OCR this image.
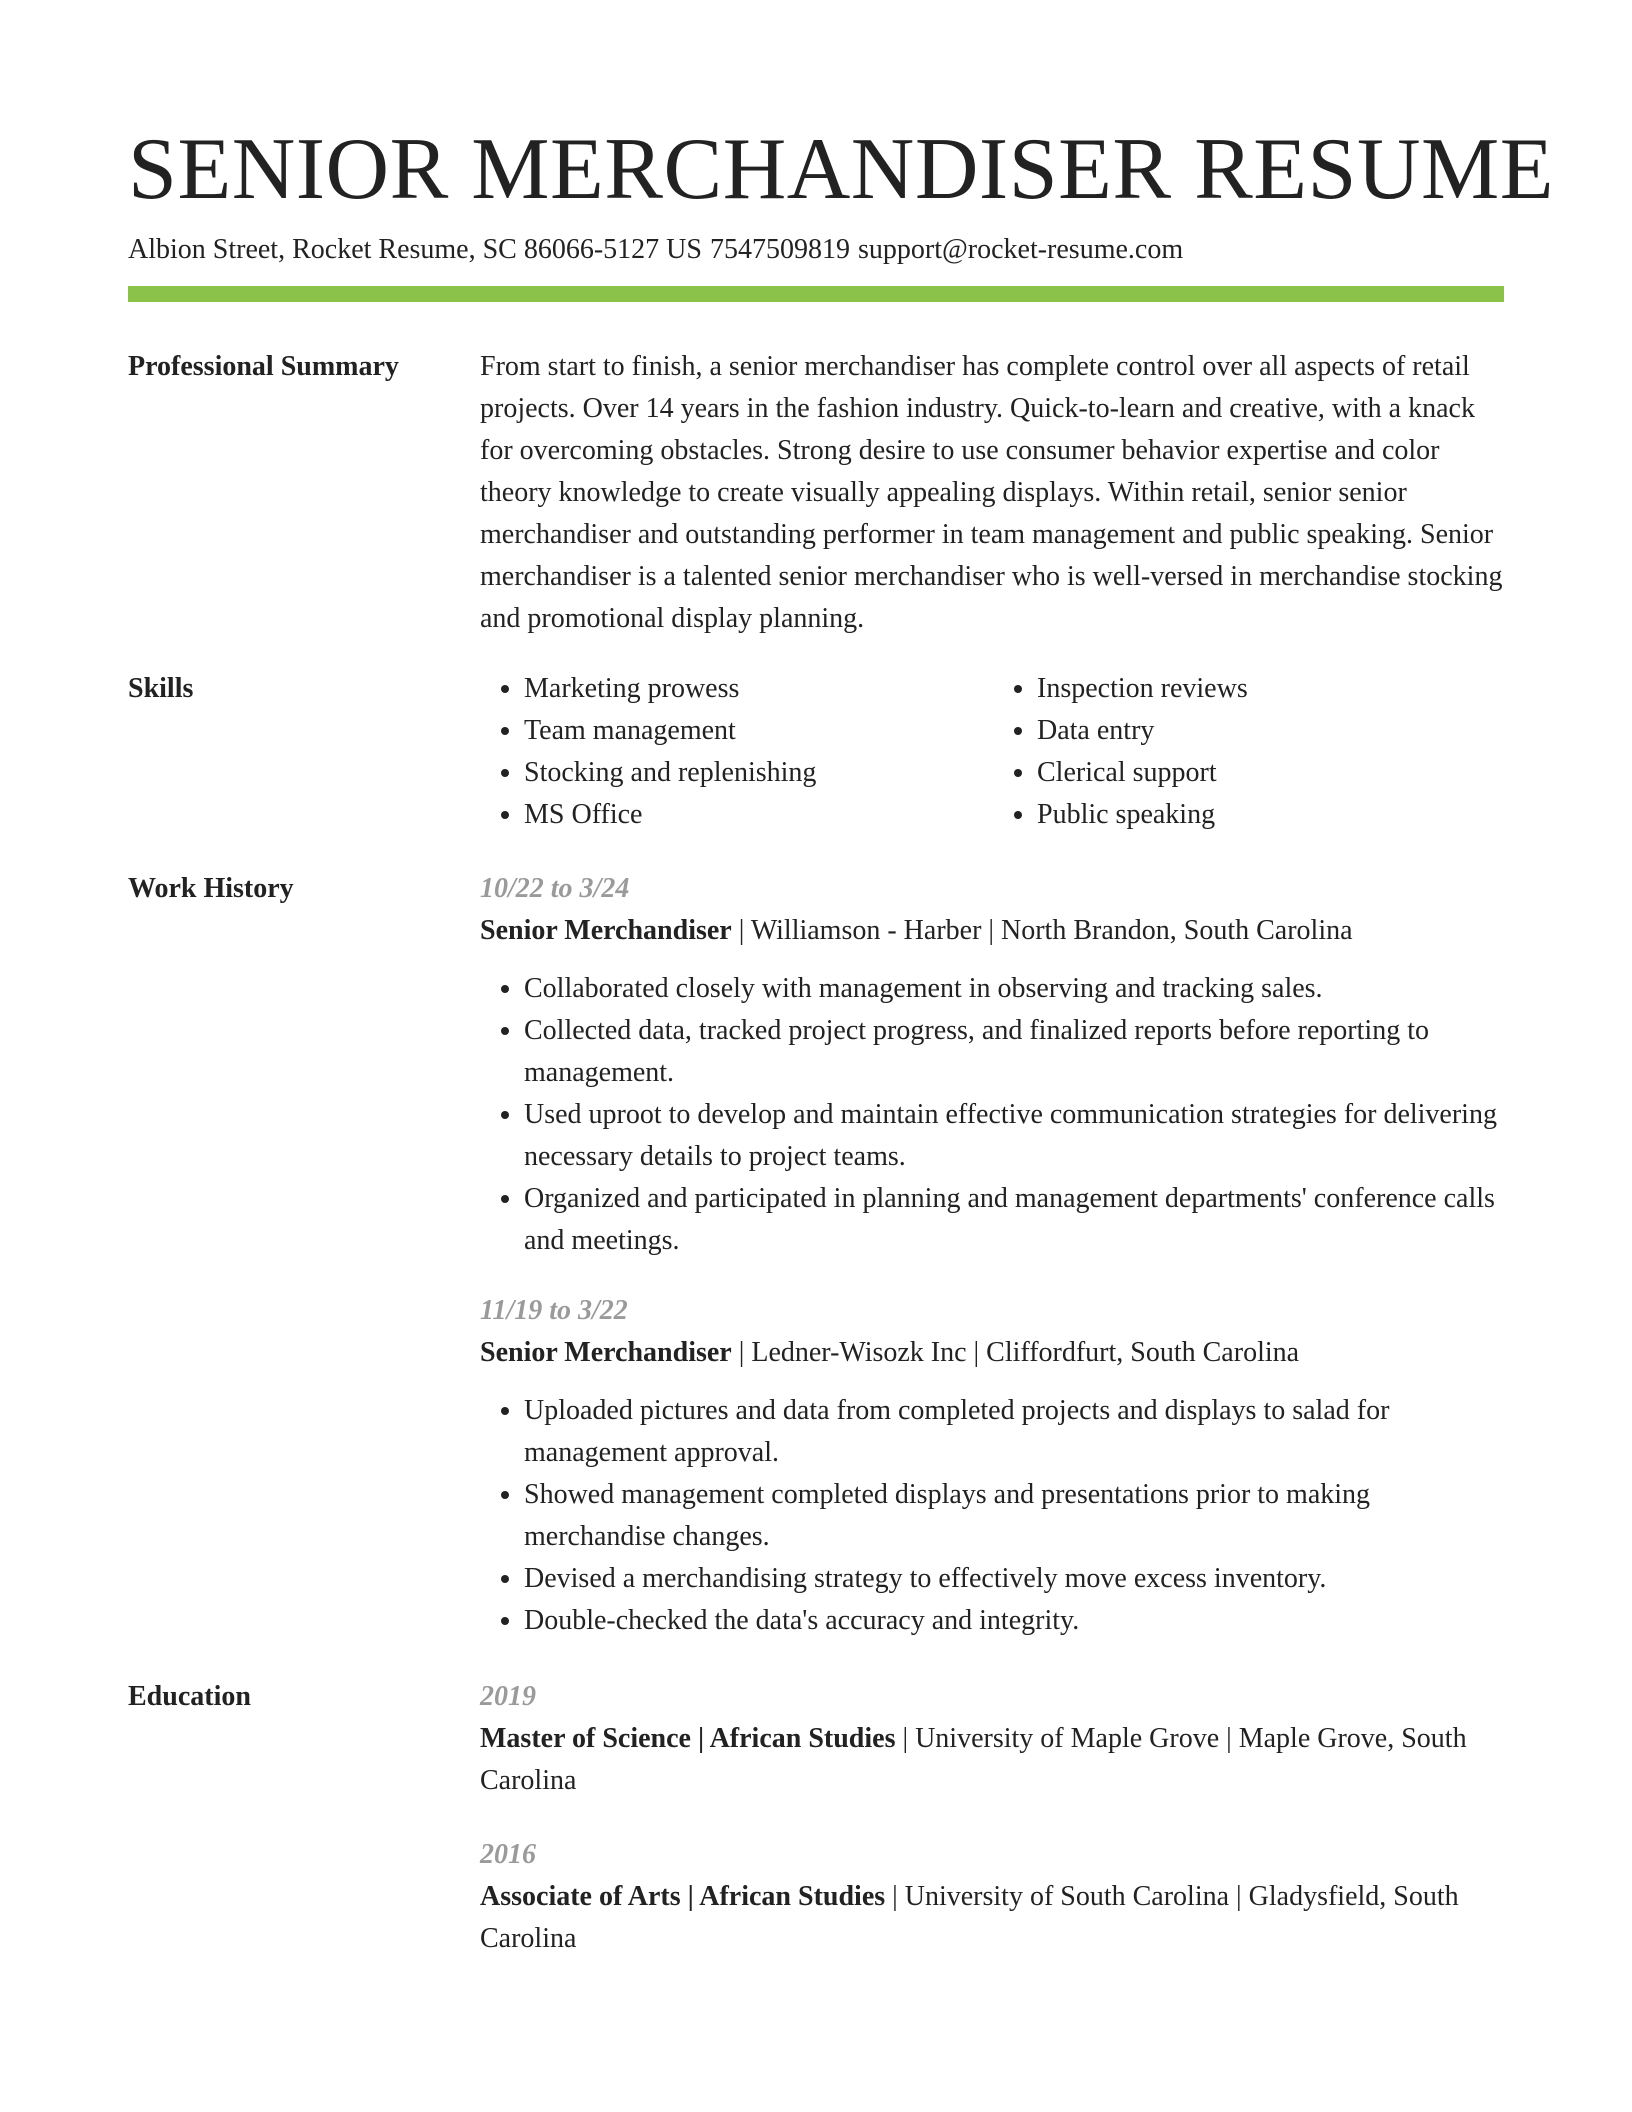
SENIOR MERCHANDISER RESUME
Albion Street, Rocket Resume, SC 86066-5127 US 7547509819 support@rocket-resume.com
Professional Summary	From start to finish, a senior merchandiser has complete control over all aspects of retail projects. Over 14 years in the fashion industry. Quick-to-learn and creative, with a knack for overcoming obstacles. Strong desire to use consumer behavior expertise and color theory knowledge to create visually appealing displays. Within retail, senior senior merchandiser and outstanding performer in team management and public speaking. Senior merchandiser is a talented senior merchandiser who is well-versed in merchandise stocking and promotional display planning.

Skills
•	Marketing prowess
• Team management
• Stocking and replenishing
• MS Office
• Inspection reviews
• Data entry
• Clerical support
• Public speaking
Work History	10/22 to 3/24
Senior Merchandiser | Williamson - Harber | North Brandon, South Carolina
• Collaborated closely with management in observing and tracking sales.
• Collected data, tracked project progress, and finalized reports before reporting to management.
• Used uproot to develop and maintain effective communication strategies for delivering necessary details to project teams.
• Organized and participated in planning and management departments' conference calls and meetings.
11/19 to 3/22
Senior Merchandiser | Ledner-Wisozk Inc | Cliffordfurt, South Carolina
• Uploaded pictures and data from completed projects and displays to salad for management approval.
• Showed management completed displays and presentations prior to making merchandise changes.
• Devised a merchandising strategy to effectively move excess inventory.
• Double-checked the data's accuracy and integrity.
Education	2019
Master of Science | African Studies | University of Maple Grove | Maple Grove, South Carolina
2016
Associate of Arts | African Studies | University of South Carolina | Gladysfield, South Carolina
